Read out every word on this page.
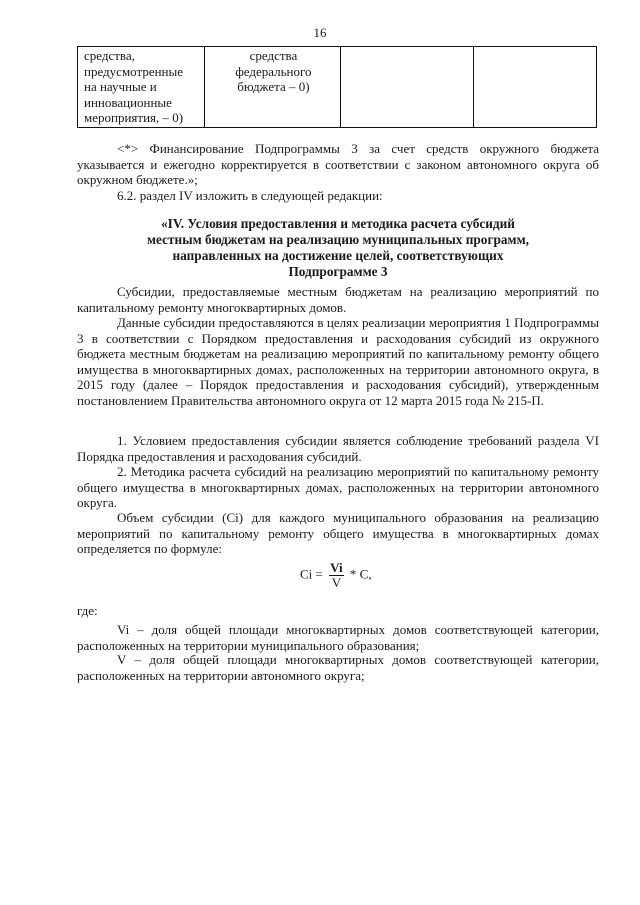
16
средства,
предусмотренные
на научные и
инновационные
мероприятия, – 0)	средства
федерального
бюджета – 0)		
<*> Финансирование Подпрограммы 3 за счет средств окружного бюджета указывается и ежегодно корректируется в соответствии с законом автономного округа об окружном бюджете.»;
6.2. раздел IV изложить в следующей редакции:
«IV. Условия предоставления и методика расчета субсидий
местным бюджетам на реализацию муниципальных программ,
направленных на достижение целей, соответствующих
Подпрограмме 3
Субсидии, предоставляемые местным бюджетам на реализацию мероприятий по капитальному ремонту многоквартирных домов.
Данные субсидии предоставляются в целях реализации мероприятия 1 Подпрограммы 3 в соответствии с Порядком предоставления и расходования субсидий из окружного бюджета местным бюджетам на реализацию мероприятий по капитальному ремонту общего имущества в многоквартирных домах, расположенных на территории автономного округа, в 2015 году (далее – Порядок предоставления и расходования субсидий), утвержденным постановлением Правительства автономного округа от 12 марта 2015 года № 215-П.
1. Условием предоставления субсидии является соблюдение требований раздела VI Порядка предоставления и расходования субсидий.
2. Методика расчета субсидий на реализацию мероприятий по капитальному ремонту общего имущества в многоквартирных домах, расположенных на территории автономного округа.
Объем субсидии (Ci) для каждого муниципального образования на реализацию мероприятий по капитальному ремонту общего имущества в многоквартирных домах определяется по формуле:
$Ci = \frac{Vi}{V} * C$,
где:
Vi – доля общей площади многоквартирных домов соответствующей категории, расположенных на территории муниципального образования;
V – доля общей площади многоквартирных домов соответствующей категории, расположенных на территории автономного округа;
